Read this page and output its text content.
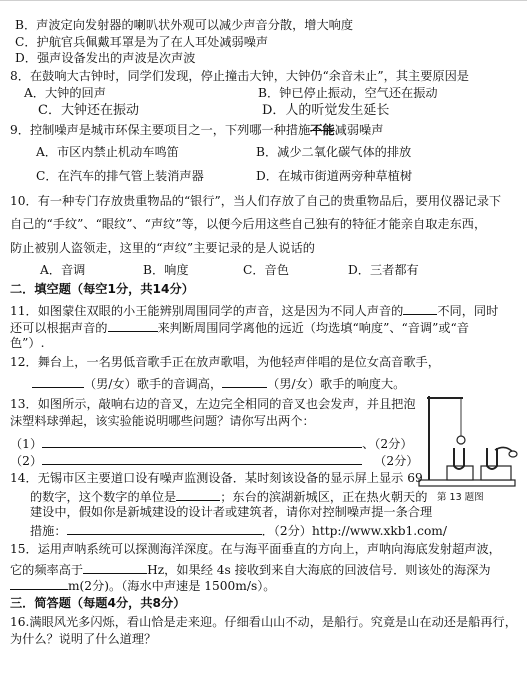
B．声波定向发射器的喇叭状外观可以减少声音分散，增大响度
C．护航官兵佩戴耳罩是为了在人耳处减弱噪声
D．强声设备发出的声波是次声波
8．在鼓响大古钟时，同学们发现，停止撞击大钟，大钟仍“余音未止”，其主要原因是
A．大钟的回声	B．钟已停止振动，空气还在振动
C．大钟还在振动	D．人的听觉发生延长
9．控制噪声是城市环保主要项目之一，下列哪一种措施不能减弱噪声
A．市区内禁止机动车鸣笛	B．减少二氧化碳气体的排放
C．在汽车的排气管上装消声器	D．在城市街道两旁种草植树
10．有一种专门存放贵重物品的“银行”，当人们存放了自己的贵重物品后，要用仪器记录下
自己的“手纹”、“眼纹”、“声纹”等，以便今后用这些自己独有的特征才能亲自取走东西，
防止被别人盗领走，这里的“声纹”主要记录的是人说话的
A．音调	B．响度	C．音色	D．三者都有
二．填空题（每空1分，共14分）
11．如图蒙住双眼的小王能辨别周围同学的声音，这是因为不同人声音的	不同，同时
还可以根据声音的	来判断周围同学离他的远近（均选填“响度”、“音调”或“音
色”）.
12．舞台上，一名男低音歌手正在放声歌唱，为他轻声伴唱的是位女高音歌手，
（男/女）歌手的音调高，	（男/女）歌手的响度大。
13．如图所示，敲响右边的音叉，左边完全相同的音叉也会发声，并且把泡
沫塑料球弹起，该实验能说明哪些问题？请你写出两个：
（1）	、（2分）
（2）	（2分）
第 13 题图
14．无锡市区主要道口设有噪声监测设备．某时刻该设备的显示屏上显示 69
的数字，这个数字的单位是	；东台的滨湖新城区，正在热火朝天的
建设中，假如你是新城建设的设计者或建筑者，请你对控制噪声提一条合理
措施：	．（2分）http://www.xkb1.com/
15．运用声呐系统可以探测海洋深度。在与海平面垂直的方向上，声呐向海底发射超声波，
它的频率高于	Hz，如果经 4s 接收到来自大海底的回波信号．则该处的海深为
m(2分)。（海水中声速是 1500m/s）。
三．简答题（每题4分，共8分）
16.满眼风光多闪烁，看山恰是走来迎。仔细看山山不动，是船行。究竟是山在动还是船再行，
为什么？说明了什么道理？
